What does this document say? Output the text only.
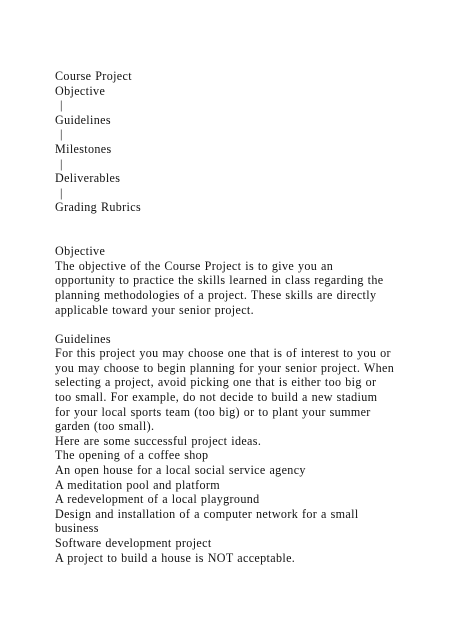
Course Project
Objective
|
Guidelines
|
Milestones
|
Deliverables
|
Grading Rubrics
Objective
The objective of the Course Project is to give you an
opportunity to practice the skills learned in class regarding the
planning methodologies of a project. These skills are directly
applicable toward your senior project.
Guidelines
For this project you may choose one that is of interest to you or
you may choose to begin planning for your senior project. When
selecting a project, avoid picking one that is either too big or
too small. For example, do not decide to build a new stadium
for your local sports team (too big) or to plant your summer
garden (too small).
Here are some successful project ideas.
The opening of a coffee shop
An open house for a local social service agency
A meditation pool and platform
A redevelopment of a local playground
Design and installation of a computer network for a small
business
Software development project
A project to build a house is NOT acceptable.
